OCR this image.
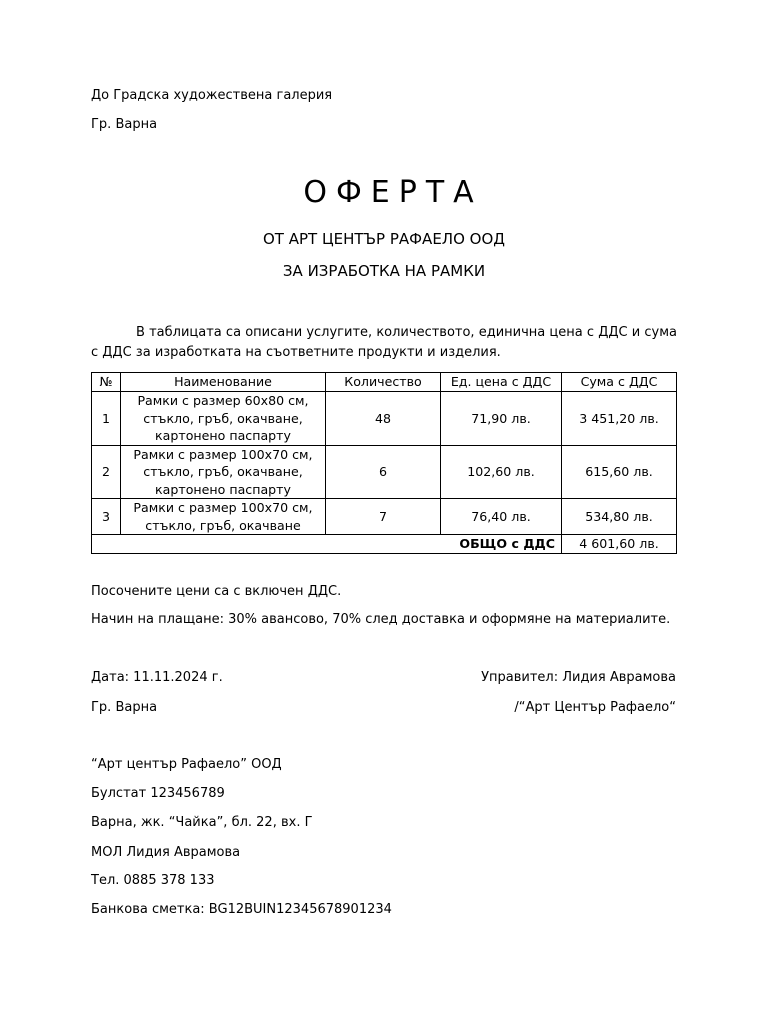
До Градска художествена галерия
Гр. Варна
ОФЕРТА
ОТ АРТ ЦЕНТЪР РАФАЕЛО ООД
ЗА ИЗРАБОТКА НА РАМКИ
В таблицата са описани услугите, количеството, единична цена с ДДС и сума с ДДС за изработката на съответните продукти и изделия.
№	Наименование	Количество	Ед. цена с ДДС	Сума с ДДС
1	Рамки с размер 60х80 см,
стъкло, гръб, окачване,
картонено паспарту	48	71,90 лв.	3 451,20 лв.
2	Рамки с размер 100х70 см,
стъкло, гръб, окачване,
картонено паспарту	6	102,60 лв.	615,60 лв.
3	Рамки с размер 100х70 см,
стъкло, гръб, окачване	7	76,40 лв.	534,80 лв.
ОБЩО с ДДС				4 601,60 лв.
Посочените цени са с включен ДДС.
Начин на плащане: 30% авансово, 70% след доставка и оформяне на материалите.
Дата: 11.11.2024 г.	Управител: Лидия Аврамова
Гр. Варна	/“Арт Център Рафаело“
“Арт център Рафаело” ООД
Булстат 123456789
Варна, жк. “Чайка”, бл. 22, вх. Г
МОЛ Лидия Аврамова
Тел. 0885 378 133
Банкова сметка: BG12BUIN12345678901234
